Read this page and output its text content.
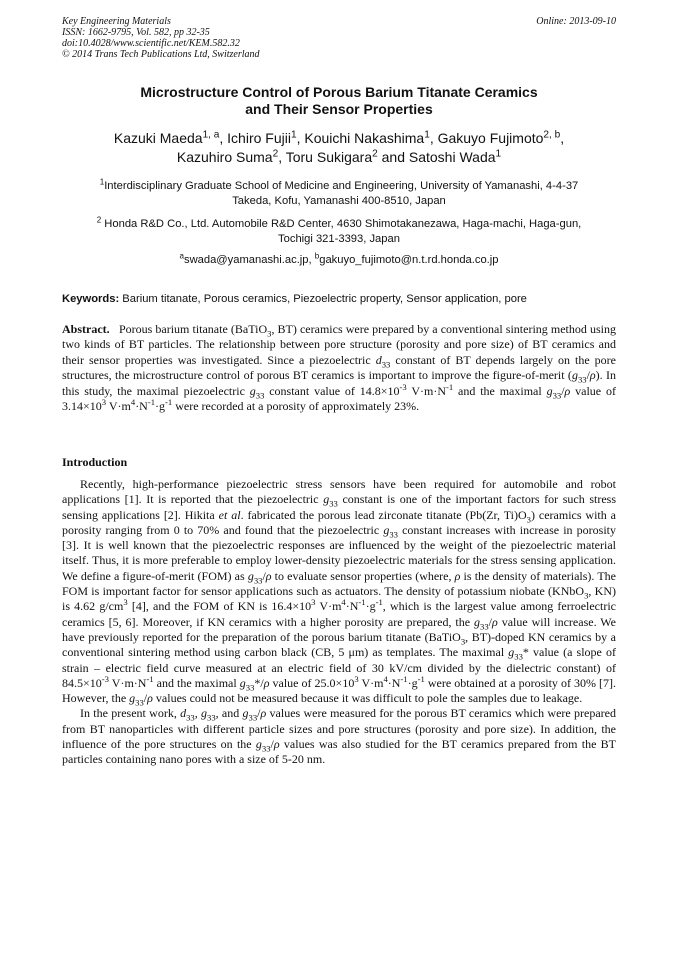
Key Engineering Materials
ISSN: 1662-9795, Vol. 582, pp 32-35
doi:10.4028/www.scientific.net/KEM.582.32
© 2014 Trans Tech Publications Ltd, Switzerland
Online: 2013-09-10
Microstructure Control of Porous Barium Titanate Ceramics
and Their Sensor Properties
Kazuki Maeda$^{1, a}$, Ichiro Fujii$^1$, Kouichi Nakashima$^1$, Gakuyo Fujimoto$^{2, b}$,
Kazuhiro Suma$^2$, Toru Sukigara$^2$ and Satoshi Wada$^1$
$^1$Interdisciplinary Graduate School of Medicine and Engineering, University of Yamanashi, 4-4-37
Takeda, Kofu, Yamanashi 400-8510, Japan
$^2$ Honda R&D Co., Ltd. Automobile R&D Center, 4630 Shimotakanezawa, Haga-machi, Haga-gun,
Tochigi 321-3393, Japan
$^a$swada@yamanashi.ac.jp, $^b$gakuyo_fujimoto@n.t.rd.honda.co.jp
Keywords: Barium titanate, Porous ceramics, Piezoelectric property, Sensor application, pore
Abstract.   Porous barium titanate (BaTiO$_3$, BT) ceramics were prepared by a conventional sintering method using two kinds of BT particles. The relationship between pore structure (porosity and pore size) of BT ceramics and their sensor properties was investigated. Since a piezoelectric $d_{33}$ constant of BT depends largely on the pore structures, the microstructure control of porous BT ceramics is important to improve the figure-of-merit $(g_{33}/\rho)$. In this study, the maximal piezoelectric $g_{33}$ constant value of $14.8\times 10^{-3}$ $V\cdot m\cdot N^{-1}$ and the maximal $g_{33}/\rho$ value of $3.14\times 10^3$ $V\cdot m^4\cdot N^{-1}\cdot g^{-1}$ were recorded at a porosity of approximately 23%.
Introduction

Recently, high-performance piezoelectric stress sensors have been required for automobile and robot applications [1]. It is reported that the piezoelectric $g_{33}$ constant is one of the important factors for such stress sensing applications [2]. Hikita et al. fabricated the porous lead zirconate titanate (Pb(Zr, $Ti)O_3$) ceramics with a porosity ranging from 0 to 70% and found that the piezoelectric $g_{33}$ constant increases with increase in porosity [3]. It is well known that the piezoelectric responses are influenced by the weight of the piezoelectric material itself. Thus, it is more preferable to employ lower-density piezoelectric materials for the stress sensing application. We define a figure-of-merit (FOM) as $g_{33}/\rho$ to evaluate sensor properties (where, ρ is the density of materials). The FOM is important factor for sensor applications such as actuators. The density of potassium niobate (KNbO$_3$, KN) is 4.62 $g/cm^3$ [4], and the FOM of KN is $16.4\times 10^3$ $V\cdot m^4\cdot N^{-1}\cdot g^{-1}$, which is the largest value among ferroelectric ceramics [5, 6]. Moreover, if KN ceramics with a higher porosity are prepared, the $g_{33}/\rho$ value will increase. We have previously reported for the preparation of the porous barium titanate (BaTiO$_3$, BT)-doped KN ceramics by a conventional sintering method using carbon black (CB, 5 μm) as templates. The maximal $g_{33}*$ value (a slope of strain – electric field curve measured at an electric field of 30 kV/cm divided by the dielectric constant) of $84.5\times 10^{-3}$ $V\cdot m\cdot N^{-1}$ and the maximal $g_{33}*/\rho$ value of $25.0\times 10^3$ $V\cdot m^4\cdot N^{-1}\cdot g^{-1}$ were obtained at a porosity of 30% [7]. However, the $g_{33}/\rho$ values could not be measured because it was difficult to pole the samples due to leakage.

In the present work, $d_{33}$, $g_{33}$, and $g_{33}/\rho$ values were measured for the porous BT ceramics which were prepared from BT nanoparticles with different particle sizes and pore structures (porosity and pore size). In addition, the influence of the pore structures on the $g_{33}/\rho$ values was also studied for the BT ceramics prepared from the BT particles containing nano pores with a size of 5-20 nm.
